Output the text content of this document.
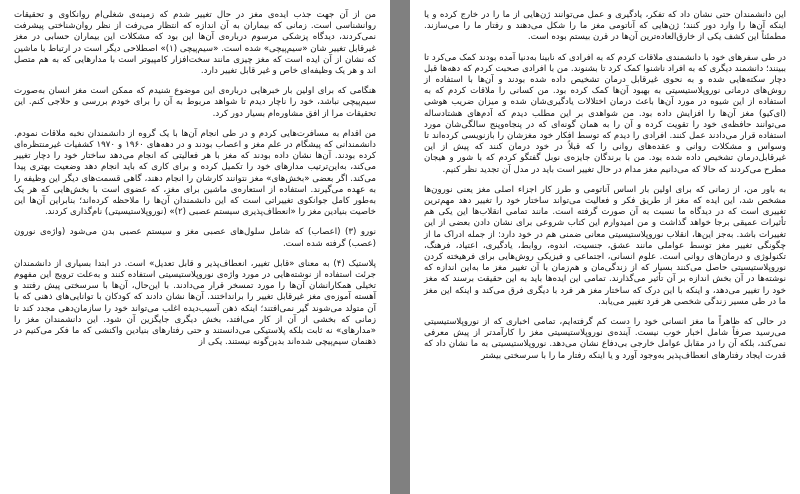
من از آن جهت جذب ایده‌ی مغز در حال تغییر شدم که زمینه‌ی شغلی‌ام روانکاوی و تحقیقات روانشناسی است. زمانی که بیماران به آن اندازه که انتظار می‌رفت از نظر روان‌شناختی پیشرفت نمی‌کردند، دیدگاه پزشکی مرسوم درباره‌ی آن‌ها این بود که مشکلات این بیماران حسابی در مغز غیرقابل تغییر شان «سیم‌پیچی» شده است. «سیم‌پیچی (۱)» اصطلاحی دیگر است در ارتباط با ماشین که نشان از آن ایده است که مغز چیزی مانند سخت‌افزار کامپیوتر است با مدارهایی که به هم متصل اند و هر یک وظیفه‌ای خاص و غیر قابل تغییر دارد.

هنگامی که برای اولین بار خبرهایی درباره‌ی این موضوع شنیدم که ممکن است مغز انسان به‌صورت سیم‌پیچی نباشد، خود را ناچار دیدم تا شواهد مربوط به آن را برای خودم بررسی و حلاجی کنم. این تحقیقات مرا از افق مشاوره‌ام بسیار دور کرد.

من اقدام به مسافرت‌هایی کردم و در طی انجام آن‌ها با یک گروه از دانشمندان نخبه ملاقات نمودم. دانشمندانی که پیشگام در علم مغز و اعصاب بودند و در دهه‌های ۱۹۶۰ و ۱۹۷۰ کشفیات غیرمنتظره‌ای کرده بودند. آن‌ها نشان داده بودند که مغز با هر فعالیتی که انجام می‌دهد ساختار خود را دچار تغییر می‌کند، به‌این‌ترتیب مدارهای خود را تکمیل کرده و برای کاری که باید انجام دهد وضعیت بهتری پیدا می‌کند. اگر بعضی «بخش‌های» مغز نتوانند کارشان را انجام دهند، گاهی قسمت‌های دیگر این وظیفه را به عهده می‌گیرند. استفاده از استعاره‌ی ماشین برای مغز، که عضوی است با بخش‌هایی که هر یک به‌طور کامل جوانکوی تغییراتی است که این دانشمندان آن‌ها را ملاحظه کرده‌اند؛ بنابراین آن‌ها این خاصیت بنیادین مغز را «انعطاف‌پذیری سیستم عصبی (۲)» (نوروپلاستیسیتی) نام‌گذاری کردند.

نورو (۳) (اعصاب) که شامل سلول‌های عصبی مغز و سیستم عصبی بدن می‌شود (واژه‌ی نورون (عصب) گرفته شده است.

پلاستیک (۴) به معنای «قابل تغییر، انعطاف‌پذیر و قابل تعدیل» است. در ابتدا بسیاری از دانشمندان جرئت استفاده از نوشته‌هایی در مورد واژه‌ی نوروپلاستیسیتی استفاده کنند و به‌علت ترویج این مفهوم تخیلی همکارانشان آن‌ها را مورد تمسخر قرار می‌دادند. با این‌حال، آن‌ها با سرسختی پیش رفتند و آهسته آموزه‌ی مغز غیرقابل تغییر را برانداختند. آن‌ها نشان دادند که کودکان با توانایی‌های ذهنی که با آن متولد می‌شوند گیر نمی‌افتند؛ اینکه ذهن آسیب‌دیده اغلب می‌تواند خود را سازمان‌دهی مجدد کند تا زمانی که بخشی از آن از کار می‌افتد، بخش دیگری جایگزین آن شود. این دانشمندان مغز را «مدارهای» نه ثابت بلکه پلاستیکی می‌دانستند و حتی رفتارهای بنیادین واکنشی که ما فکر می‌کنیم در ذهنمان سیم‌پیچی شده‌اند بدین‌گونه نیستند. یکی از

این دانشمندان حتی نشان داد که تفکر، یادگیری و عمل می‌توانند ژن‌هایی از ما را در خارج کرده و یا اینکه آن‌ها را وارد دور کنند؛ ژن‌هایی که آناتومی مغز ما را شکل می‌دهند و رفتار ما را می‌سازند. مطمئناً این کشف یکی از خارق‌العاده‌ترین آن‌ها در قرن بیستم بوده است.

در طی سفرهای خود با دانشمندی ملاقات کردم که به افرادی که نابینا به‌دنیا آمده بودند کمک می‌کرد تا ببینند؛ دانشمند دیگری که به افراد ناشنوا کمک کرد تا بشنوند. من با افرادی صحبت کردم که دهه‌ها قبل دچار سکته‌هایی شده و به نحوی غیرقابل درمان تشخیص داده شده بودند و آن‌ها با استفاده از روش‌های درمانی نوروپلاستیسیتی به بهبود آن‌ها کمک کرده بود. من کسانی را ملاقات کردم که به استفاده از این شیوه در مورد آن‌ها باعث درمان اختلالات یادگیری‌شان شده و میزان ضریب هوشی (ای‌کیو) مغز آن‌ها را افزایش داده بود. من شواهدی بر این مطلب دیدم که آدم‌های هشتادساله می‌توانند حافظه‌ی خود را تقویت کرده و آن را به همان گونه‌ای که در پنجاه‌وپنج سالگی‌شان مورد استفاده قرار می‌دادند عمل کنند. افرادی را دیدم که توسط افکار خود مغزشان را بازنویسی کرده‌اند تا وسواس و مشکلات روانی و عقده‌های روانی را که قبلاً در خود درمان کنند که پیش از این غیرقابل‌درمان تشخیص داده شده بود. من با برندگان جایزه‌ی نوبل گفتگو کردم که با شور و هیجان مطرح می‌کردند که حالا که می‌دانیم مغز مدام در حال تغییر است باید در مدل آن تجدید نظر کنیم.

به باور من، از زمانی که برای اولین بار اساس آناتومی و طرز کار اجزاء اصلی مغز یعنی نورون‌ها مشخص شد، این ایده که مغز از طریق فکر و فعالیت می‌تواند ساختار خود را تغییر دهد مهم‌ترین تغییری است که در دیدگاه ما نسبت به آن صورت گرفته است. مانند تمامی انقلاب‌ها این یکی هم تأثیرات عمیقی برجا خواهد گذاشت و من امیدوارم این کتاب شروعی برای نشان دادن بعضی از این تغییرات باشد. به‌جز این‌ها، انقلاب نوروپلاستیسیتی معانی ضمنی هم در خود دارد: از جمله ادراک ما از چگونگی تغییر مغز توسط عواملی مانند عشق، جنسیت، اندوه، روابط، یادگیری، اعتیاد، فرهنگ، تکنولوژی و درمان‌های روانی است. علوم انسانی، اجتماعی و فیزیکی روش‌هایی برای فرهیخته کردن نوروپلاستیسیتی حاصل می‌کنند بسیار که از زندگی‌مان و هم‌زمان با آن تغییر مغز ما به‌این اندازه که نوشته‌ها در آن بخش اندازه بر آن تأثیر می‌گذارند. تمامی این ایده‌ها باید به این حقیقت برسند که مغز خود را تغییر می‌دهد، و اینکه با این درک که ساختار مغز هر فرد با دیگری فرق می‌کند و اینکه این مغز ما در طی مسیر زندگی شخصی هر فرد تغییر می‌یابد.

در حالی که ظاهراً ما مغز انسانی خود را دست کم گرفته‌ایم، تمامی اخباری که از نوروپلاستیسیتی می‌رسید صرفاً شامل اخبار خوب نیست. آینده‌ی نوروپلاستیسیتی مغز را کارآمدتر از پیش معرفی نمی‌کند، بلکه آن را در مقابل عوامل خارجی بی‌دفاع نشان می‌دهد. نوروپلاستیسیتی به ما نشان داد که قدرت ایجاد رفتارهای انعطاف‌پذیر به‌وجود آورد و یا اینکه رفتار ما را با سرسختی بیشتر
